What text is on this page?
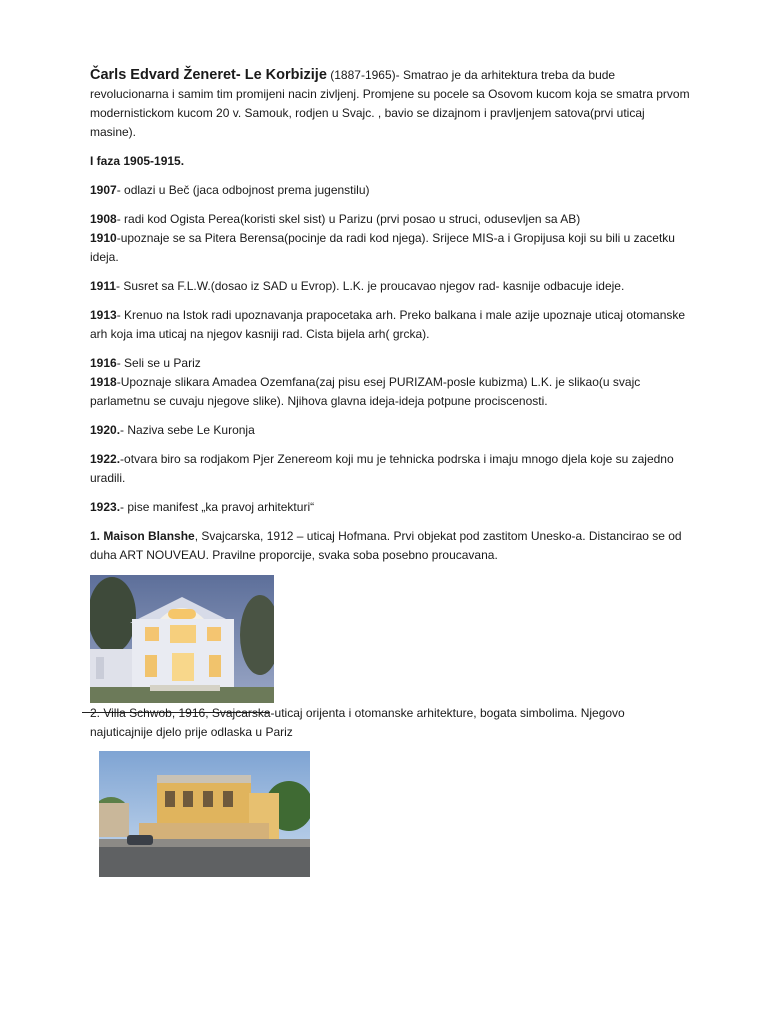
Čarls Edvard Ženeret- Le Korbizije (1887-1965)- Smatrao je da arhitektura treba da bude revolucionarna i samim tim promijeni nacin zivljenj. Promjene su pocele sa Osovom kucom koja se smatra prvom modernistickom kucom 20 v. Samouk, rodjen u Svajc. , bavio se dizajnom i pravljenjem satova(prvi uticaj masine).

I faza 1905-1915.

1907- odlazi u Beč (jaca odbojnost prema jugenstilu)

1908- radi kod Ogista Perea(koristi skel sist) u Parizu (prvi posao u struci, odusevljen sa AB)

1910-upoznaje se sa Pitera Berensa(pocinje da radi kod njega). Srijece MIS-a i Gropijusa koji su bili u zacetku ideja.

1911- Susret sa F.L.W.(dosao iz SAD u Evrop). L.K. je proucavao njegov rad- kasnije odbacuje ideje.

1913- Krenuo na Istok radi upoznavanja prapocetaka arh. Preko balkana i male azije upoznaje uticaj otomanske arh koja ima uticaj na njegov kasniji rad. Cista bijela arh( grcka).

1916- Seli se u Pariz

1918-Upoznaje slikara Amadea Ozemfana(zaj pisu esej PURIZAM-posle kubizma) L.K. je slikao(u svajc parlametnu se cuvaju njegove slike). Njihova glavna ideja-ideja potpune prociscenosti.

1920.- Naziva sebe Le Kuronja

1922.-otvara biro sa rodjakom Pjer Zenereom koji mu je tehnicka podrska i imaju mnogo djela koje su zajedno uradili.

1923.- pise manifest „ka pravoj arhitekturi“

1. Maison Blanshe, Svajcarska, 1912 – uticaj Hofmana. Prvi objekat pod zastitom Unesko-a. Distancirao se od duha ART NOUVEAU. Pravilne proporcije, svaka soba posebno proucavana.

2. Villa Schwob, 1916, Svajcarska-uticaj orijenta i otomanske arhitekture, bogata simbolima. Njegovo najuticajnije djelo prije odlaska u Pariz
